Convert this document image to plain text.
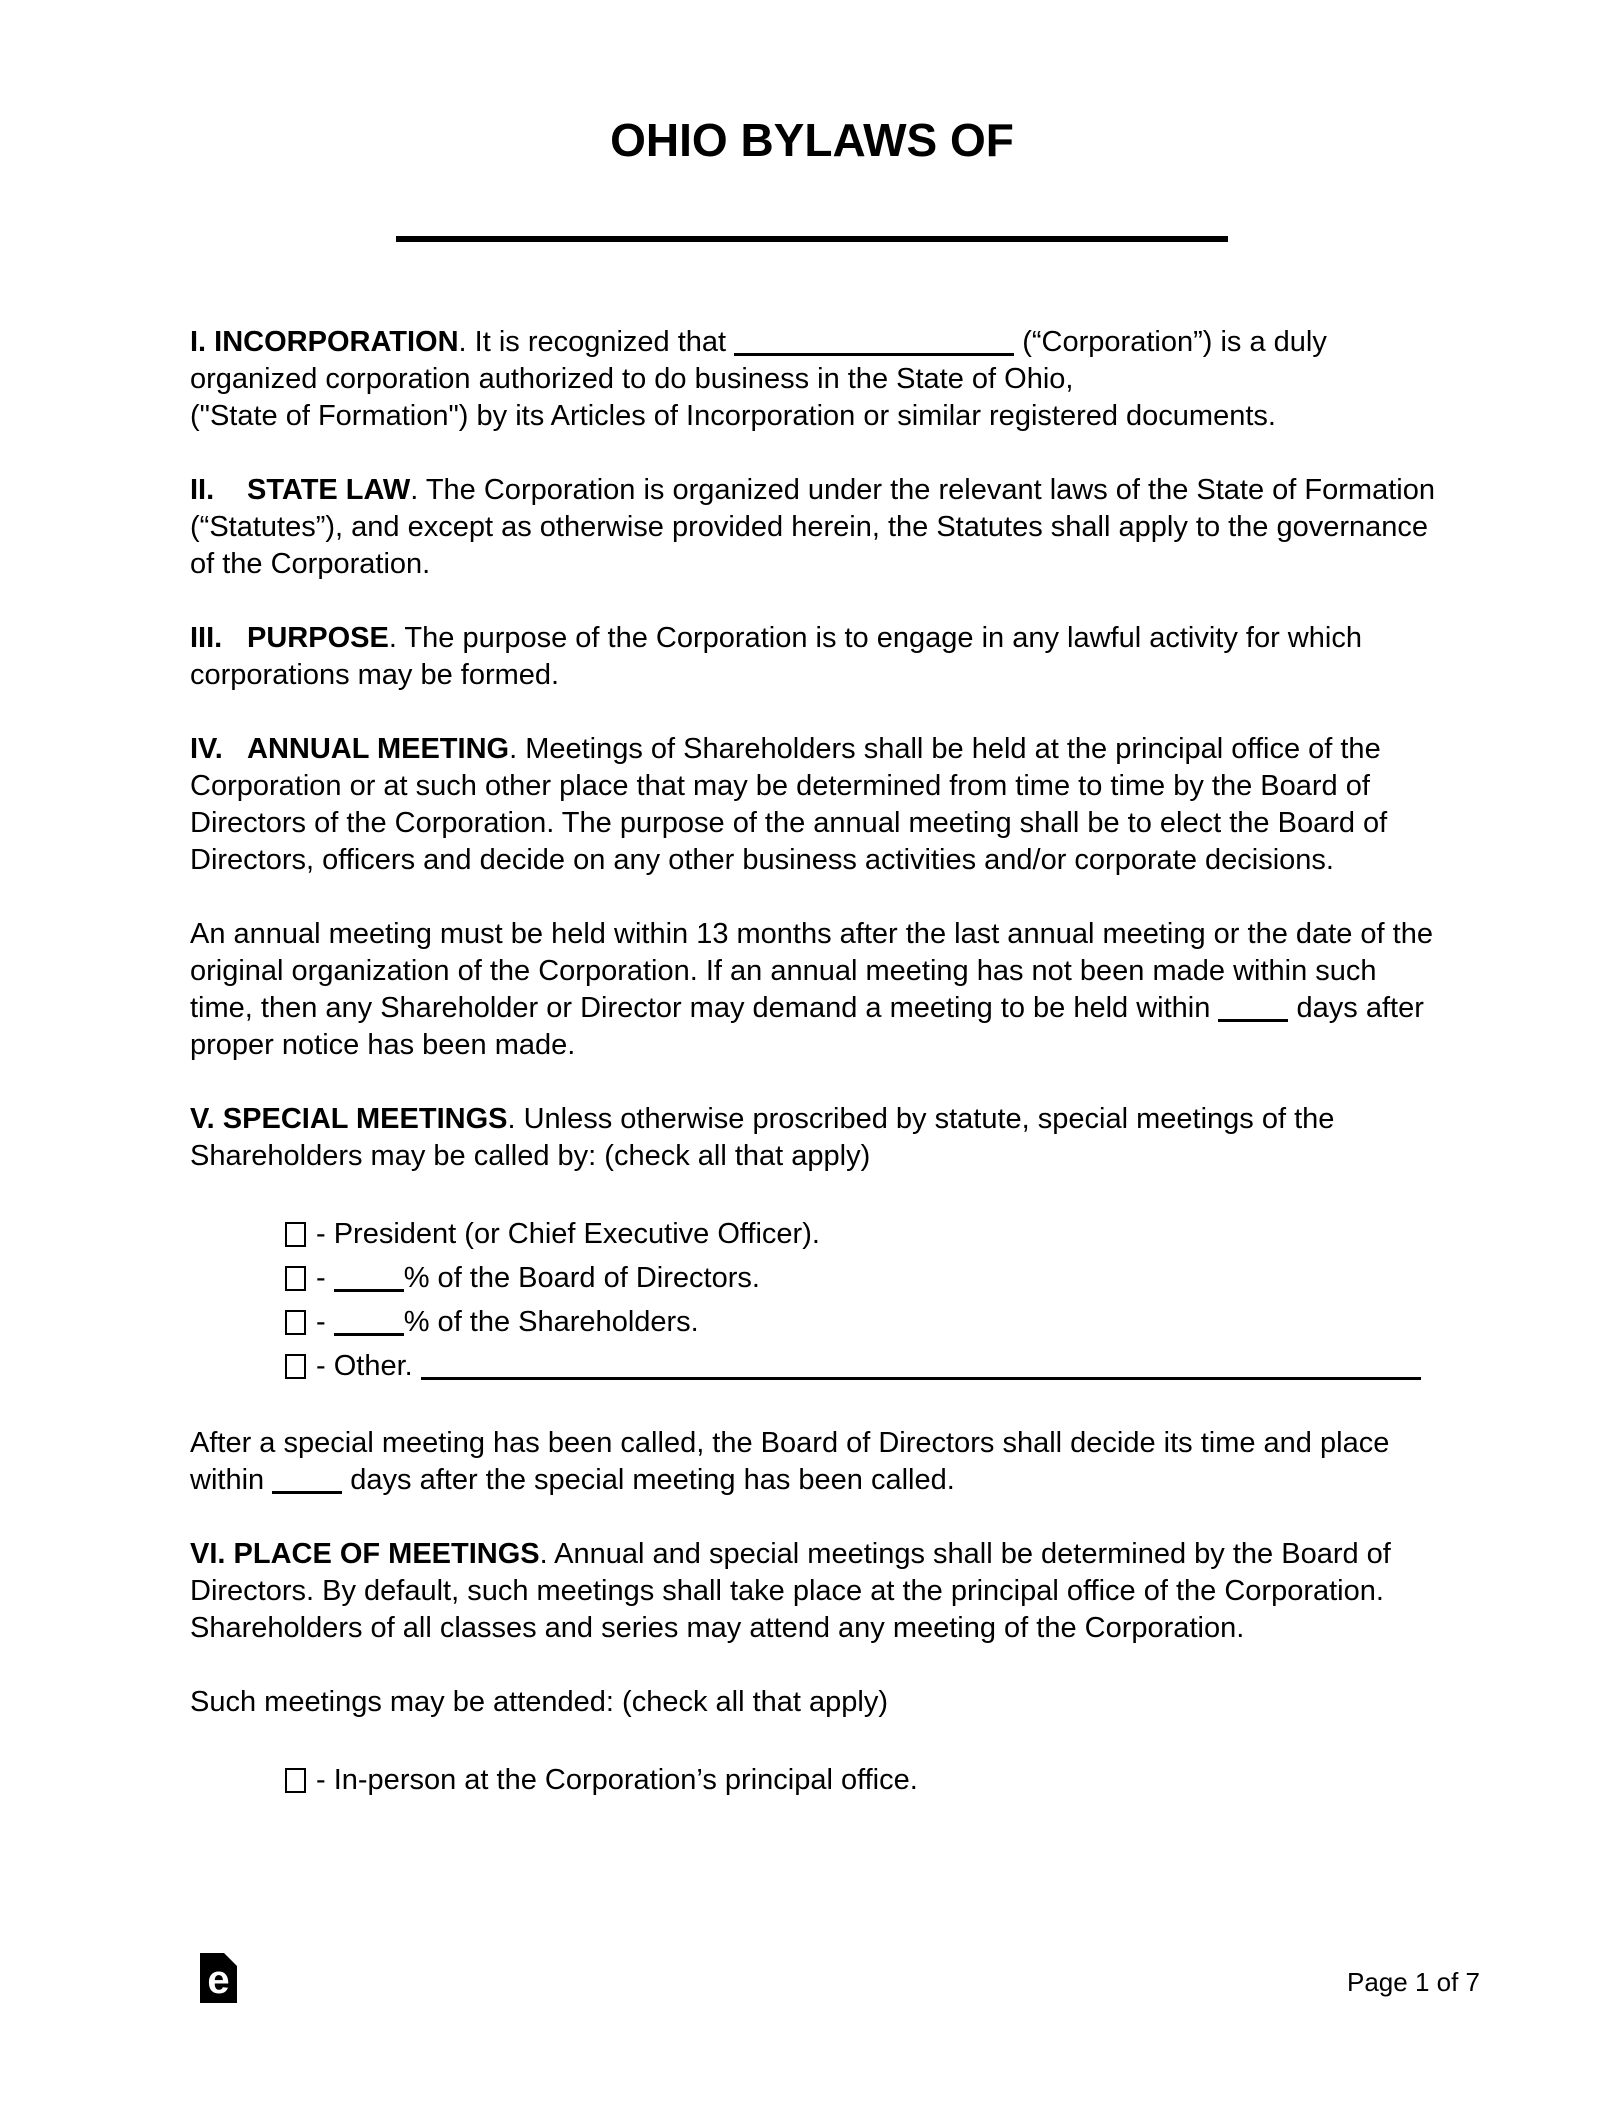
OHIO BYLAWS OF

I. INCORPORATION. It is recognized that	(“Corporation”) is a duly organized corporation authorized to do business in the State of Ohio,
("State of Formation") by its Articles of Incorporation or similar registered documents.

II. STATE LAW. The Corporation is organized under the relevant laws of the State of Formation (“Statutes”), and except as otherwise provided herein, the Statutes shall apply to the governance of the Corporation.

III. PURPOSE. The purpose of the Corporation is to engage in any lawful activity for which corporations may be formed.

IV. ANNUAL MEETING. Meetings of Shareholders shall be held at the principal office of the Corporation or at such other place that may be determined from time to time by the Board of Directors of the Corporation. The purpose of the annual meeting shall be to elect the Board of Directors, officers and decide on any other business activities and/or corporate decisions.

An annual meeting must be held within 13 months after the last annual meeting or the date of the original organization of the Corporation. If an annual meeting has not been made within such time, then any Shareholder or Director may demand a meeting to be held within  days after proper notice has been made.

V. SPECIAL MEETINGS. Unless otherwise proscribed by statute, special meetings of the Shareholders may be called by: (check all that apply)

- President (or Chief Executive Officer).
- % of the Board of Directors.
- % of the Shareholders.
- Other.

After a special meeting has been called, the Board of Directors shall decide its time and place within  days after the special meeting has been called.

VI. PLACE OF MEETINGS. Annual and special meetings shall be determined by the Board of Directors. By default, such meetings shall take place at the principal office of the Corporation. Shareholders of all classes and series may attend any meeting of the Corporation.

Such meetings may be attended: (check all that apply)

- In-person at the Corporation’s principal office.
e	Page 1 of 7
